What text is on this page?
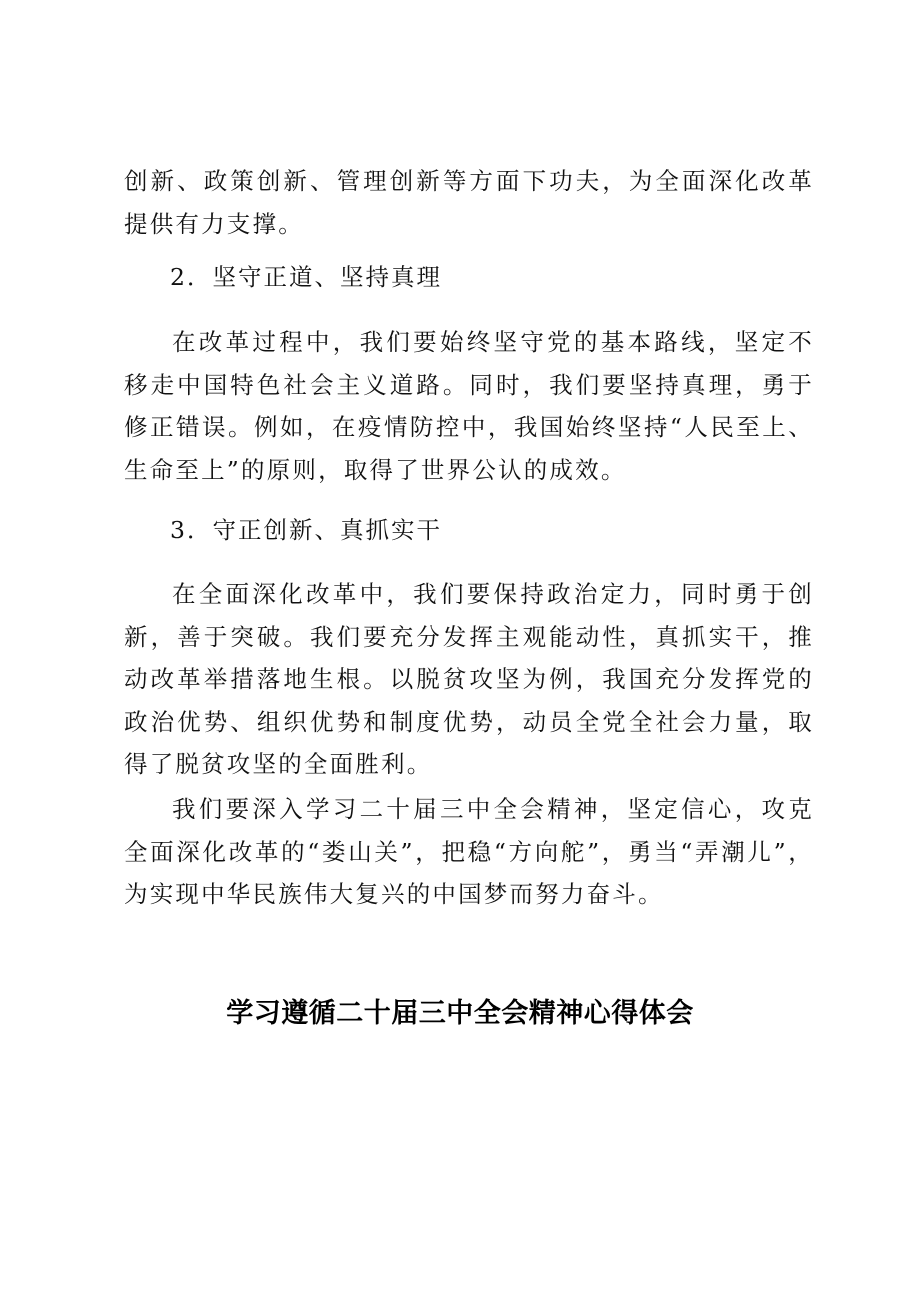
创新、政策创新、管理创新等方面下功夫，为全面深化改革提供有力支撑。

2．坚守正道、坚持真理

在改革过程中，我们要始终坚守党的基本路线，坚定不移走中国特色社会主义道路。同时，我们要坚持真理，勇于修正错误。例如，在疫情防控中，我国始终坚持“人民至上、生命至上”的原则，取得了世界公认的成效。

3．守正创新、真抓实干

在全面深化改革中，我们要保持政治定力，同时勇于创新，善于突破。我们要充分发挥主观能动性，真抓实干，推动改革举措落地生根。以脱贫攻坚为例，我国充分发挥党的政治优势、组织优势和制度优势，动员全党全社会力量，取得了脱贫攻坚的全面胜利。

我们要深入学习二十届三中全会精神，坚定信心，攻克全面深化改革的“娄山关”，把稳“方向舵”，勇当“弄潮儿”，为实现中华民族伟大复兴的中国梦而努力奋斗。

学习遵循二十届三中全会精神心得体会
